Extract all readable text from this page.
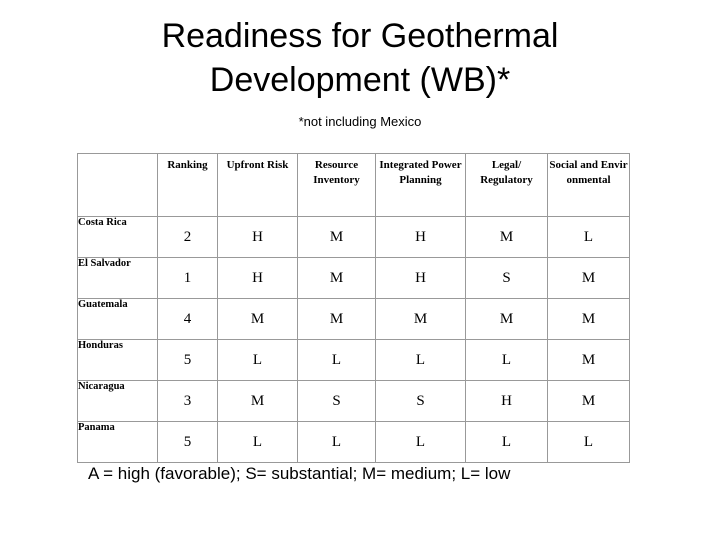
Readiness for Geothermal
Development (WB)*
*not including Mexico
	Ranking	Upfront Risk	Resource Inventory	Integrated Power Planning	Legal/ Regulatory	Social and Environmental
Costa Rica	2	H	M	H	M	L
El Salvador	1	H	M	H	S	M
Guatemala	4	M	M	M	M	M
Honduras	5	L	L	L	L	M
Nicaragua	3	M	S	S	H	M
Panama	5	L	L	L	L	L
A = high (favorable); S= substantial; M= medium; L= low
